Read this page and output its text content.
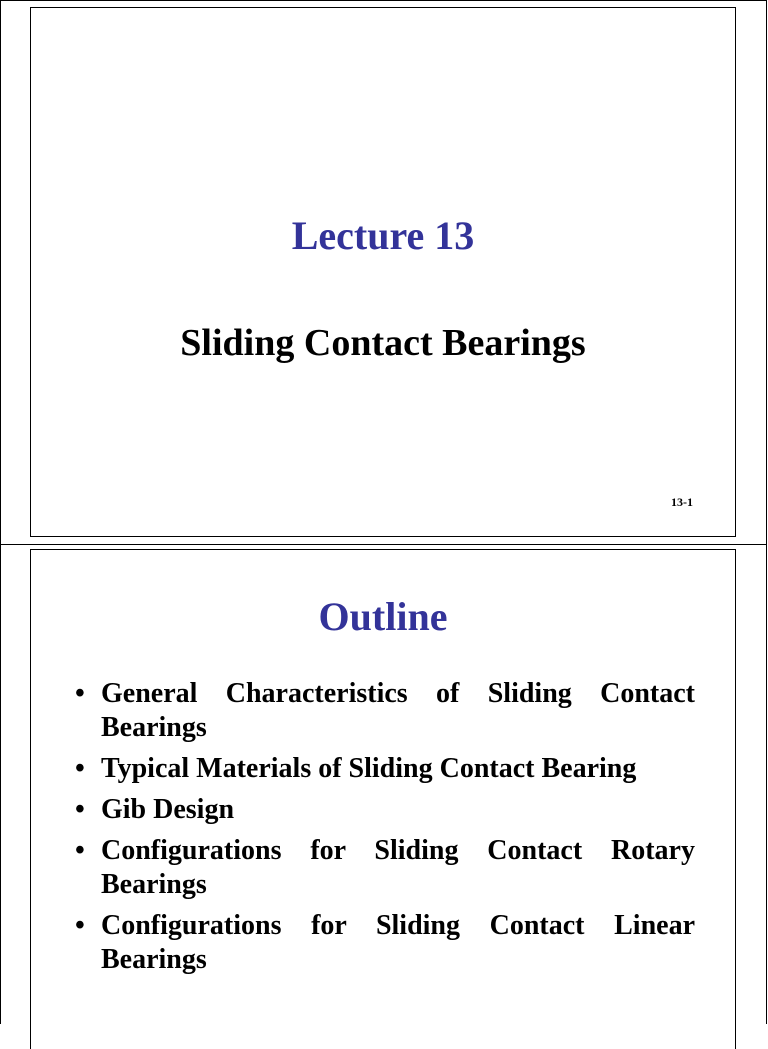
Lecture 13
Sliding Contact Bearings
13-1
Outline
• General Characteristics of Sliding Contact Bearings
• Typical Materials of Sliding Contact Bearing
• Gib Design
• Configurations for Sliding Contact Rotary Bearings
• Configurations for Sliding Contact Linear Bearings
